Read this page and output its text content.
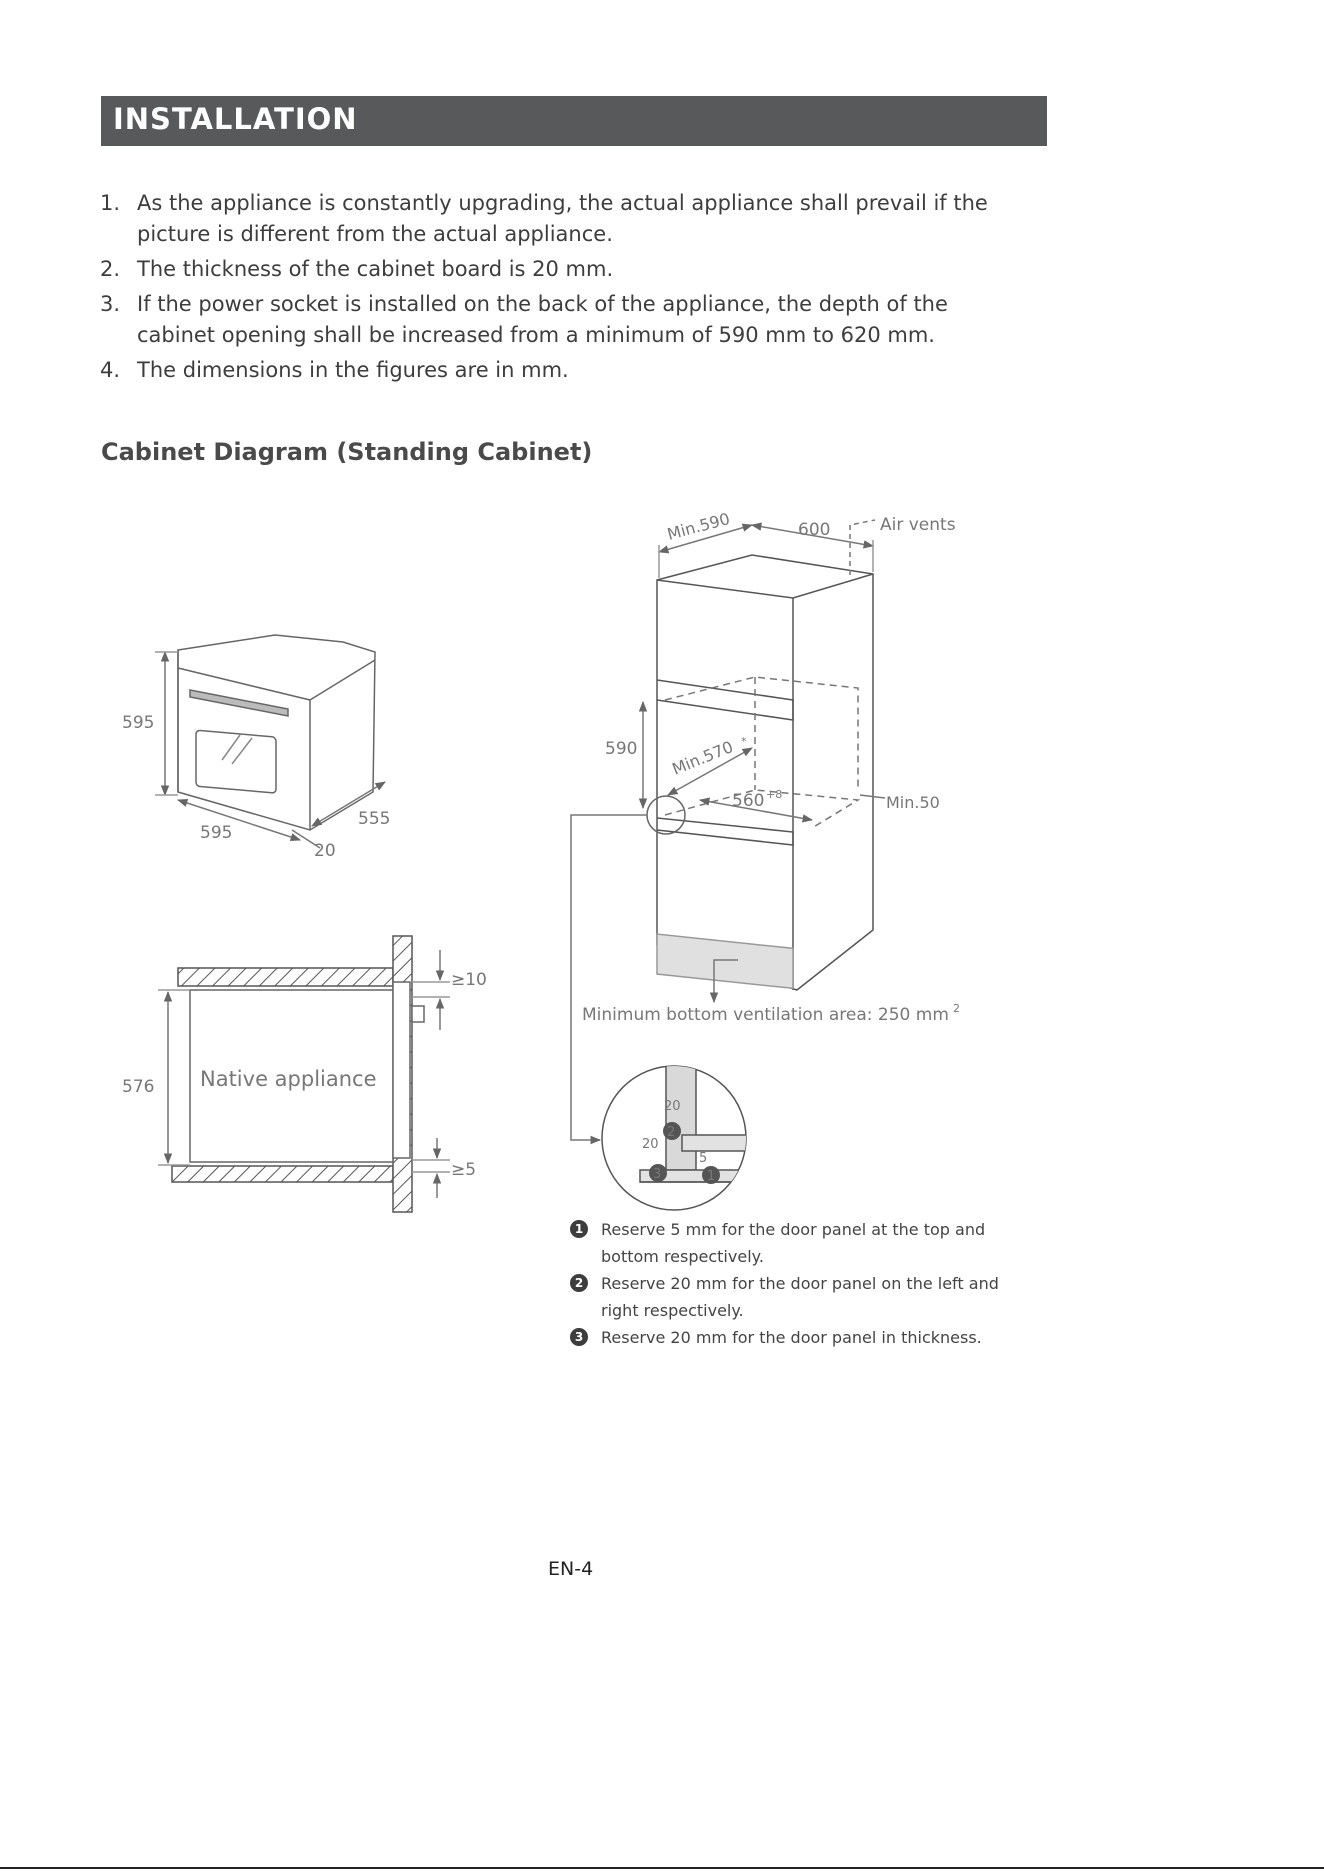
INSTALLATION
1. As the appliance is constantly upgrading, the actual appliance shall prevail if the picture is different from the actual appliance.
2. The thickness of the cabinet board is 20 mm.
3. If the power socket is installed on the back of the appliance, the depth of the cabinet opening shall be increased from a minimum of 590 mm to 620 mm.
4. The dimensions in the figures are in mm.
Cabinet Diagram (Standing Cabinet)
595
595
555
20
576
≥10
≥5
Native appliance
Min.590	600	Air vents
590 Min.570 *
560 +8	Min.50
Minimum bottom ventilation area: 250 mm 2
20
20
5
2
3	1
1	Reserve 5 mm for the door panel at the top and bottom respectively.
2	Reserve 20 mm for the door panel on the left and right respectively.
3	Reserve 20 mm for the door panel in thickness.
EN-4
